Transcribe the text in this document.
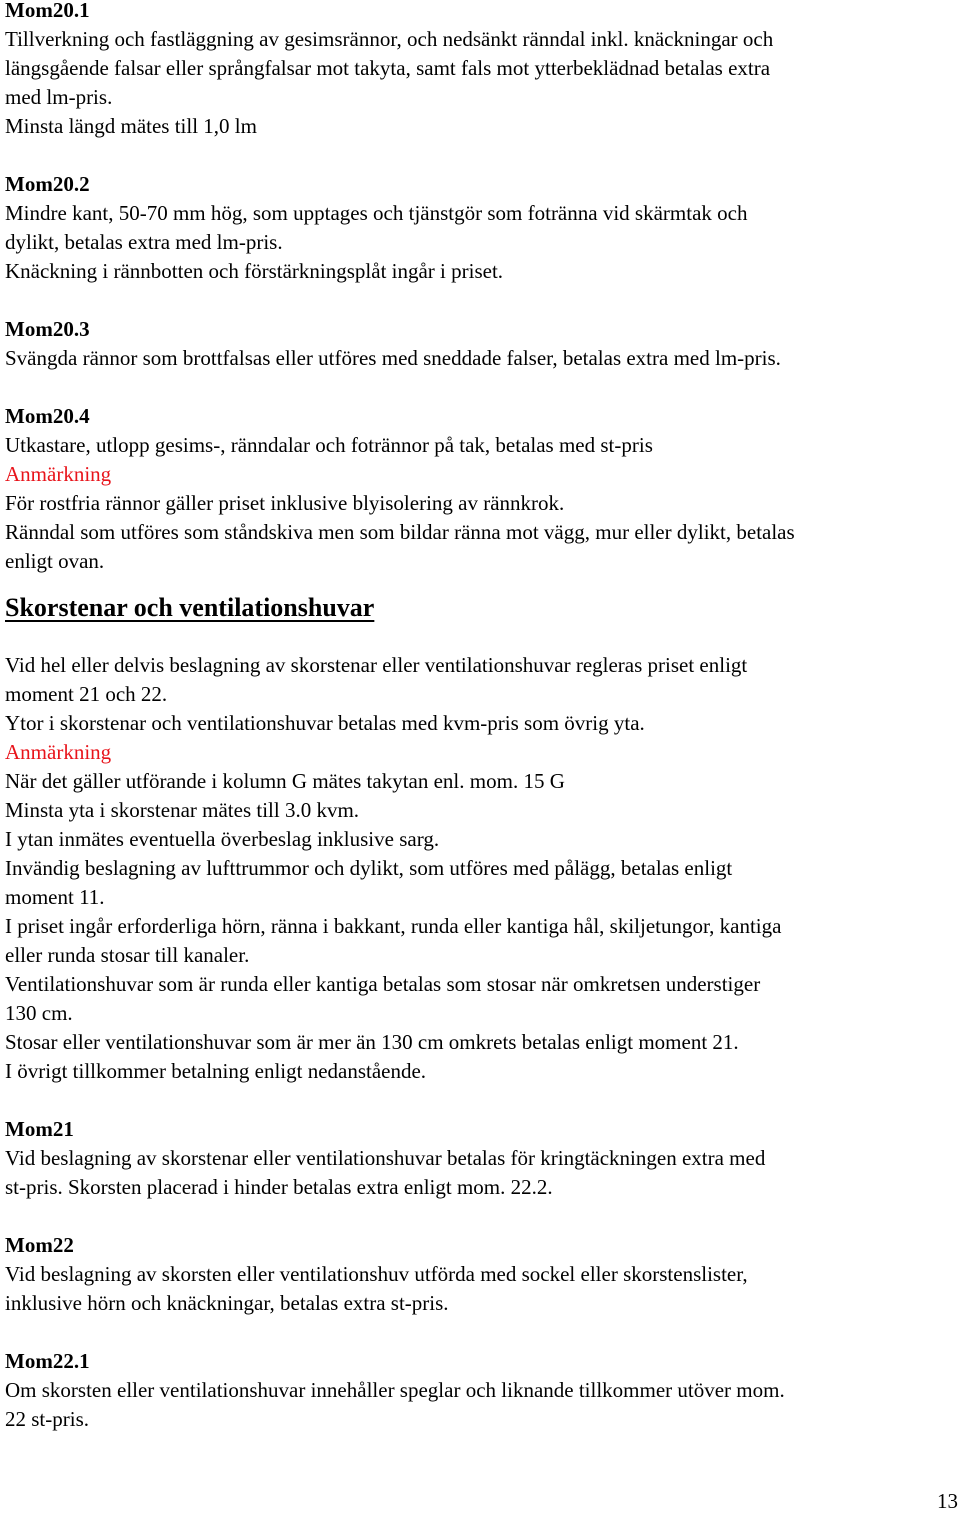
Mom20.1
Tillverkning och fastläggning av gesimsrännor, och nedsänkt ränndal inkl. knäckningar och
längsgående falsar eller språngfalsar mot takyta, samt fals mot ytterbeklädnad betalas extra
med lm-pris.
Minsta längd mätes till 1,0 lm
Mom20.2
Mindre kant, 50-70 mm hög, som upptages och tjänstgör som fotränna vid skärmtak och
dylikt, betalas extra med lm-pris.
Knäckning i rännbotten och förstärkningsplåt ingår i priset.
Mom20.3
Svängda rännor som brottfalsas eller utföres med sneddade falser, betalas extra med lm-pris.
Mom20.4
Utkastare, utlopp gesims-, ränndalar och fotrännor på tak, betalas med st-pris
Anmärkning
För rostfria rännor gäller priset inklusive blyisolering av rännkrok.
Ränndal som utföres som ståndskiva men som bildar ränna mot vägg, mur eller dylikt, betalas
enligt ovan.
Skorstenar och ventilationshuvar
Vid hel eller delvis beslagning av skorstenar eller ventilationshuvar regleras priset enligt
moment 21 och 22.
Ytor i skorstenar och ventilationshuvar betalas med kvm-pris som övrig yta.
Anmärkning
När det gäller utförande i kolumn G mätes takytan enl. mom. 15 G
Minsta yta i skorstenar mätes till 3.0 kvm.
I ytan inmätes eventuella överbeslag inklusive sarg.
Invändig beslagning av lufttrummor och dylikt, som utföres med pålägg, betalas enligt
moment 11.
I priset ingår erforderliga hörn, ränna i bakkant, runda eller kantiga hål, skiljetungor, kantiga
eller runda stosar till kanaler.
Ventilationshuvar som är runda eller kantiga betalas som stosar när omkretsen understiger
130 cm.
Stosar eller ventilationshuvar som är mer än 130 cm omkrets betalas enligt moment 21.
I övrigt tillkommer betalning enligt nedanstående.
Mom21
Vid beslagning av skorstenar eller ventilationshuvar betalas för kringtäckningen extra med
st-pris. Skorsten placerad i hinder betalas extra enligt mom. 22.2.
Mom22
Vid beslagning av skorsten eller ventilationshuv utförda med sockel eller skorstenslister,
inklusive hörn och knäckningar, betalas extra st-pris.
Mom22.1
Om skorsten eller ventilationshuvar innehåller speglar och liknande tillkommer utöver mom.
22 st-pris.
13
